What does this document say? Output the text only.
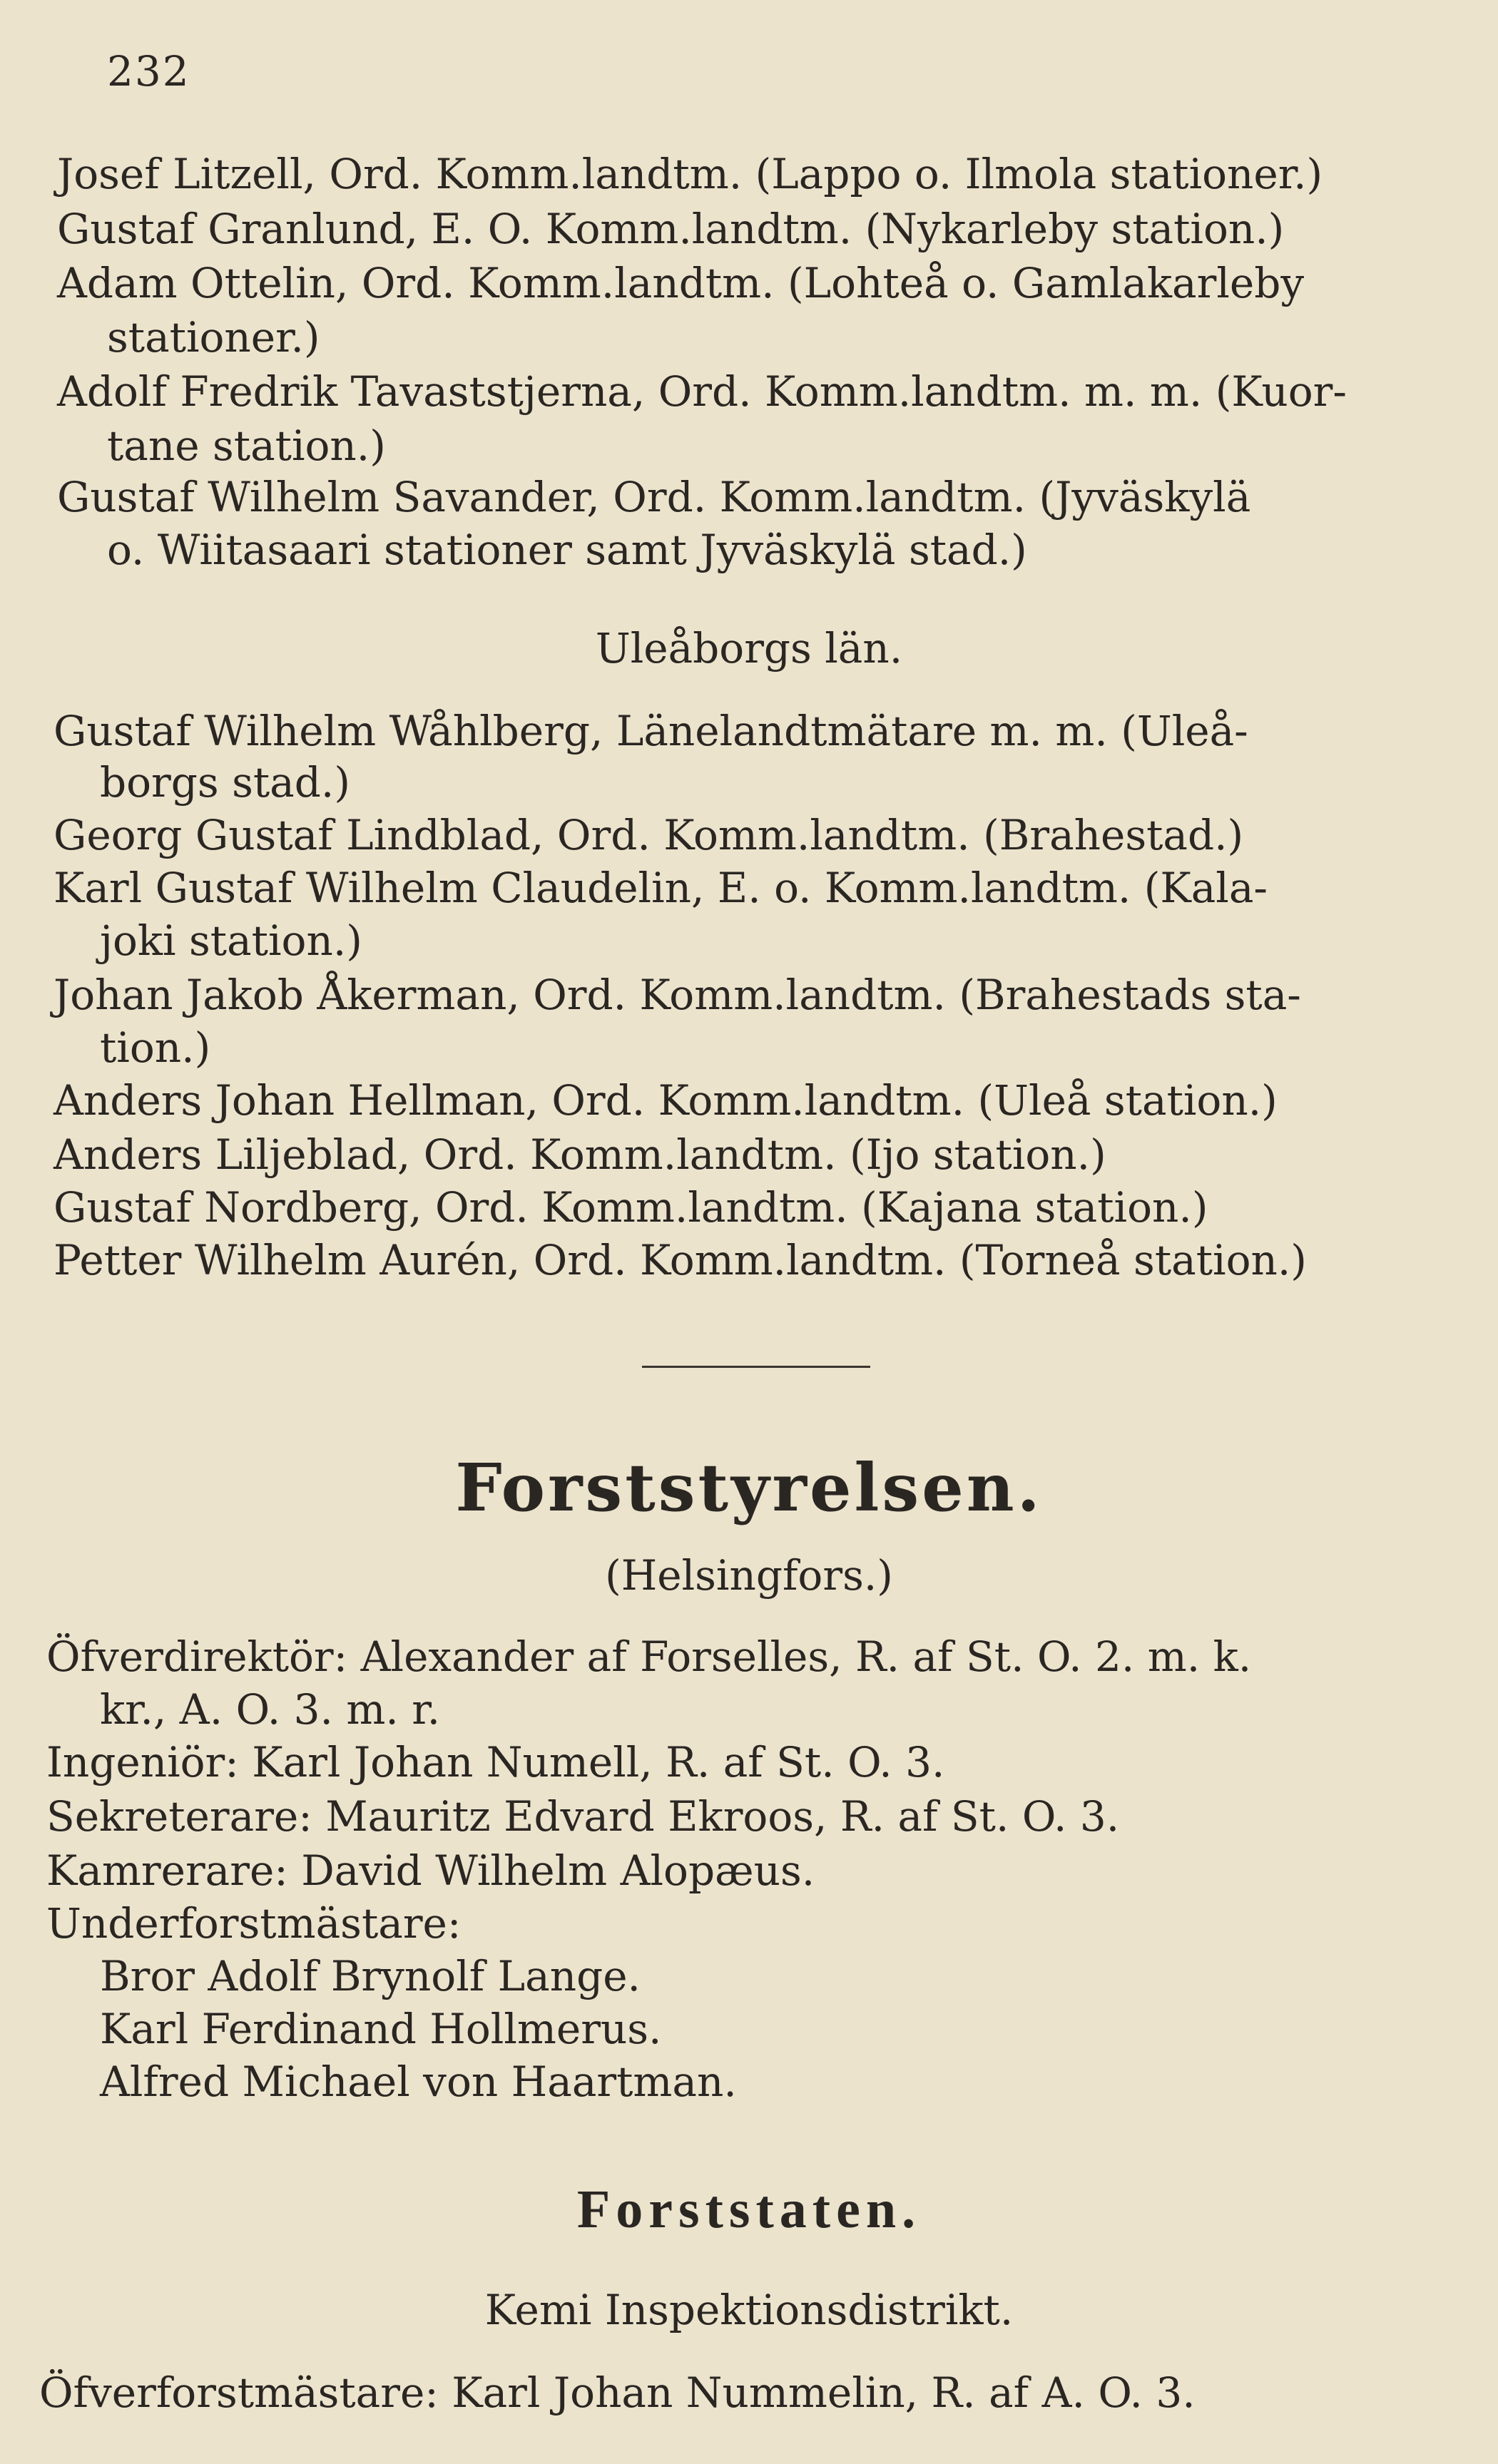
232
Josef Litzell, Ord. Komm.landtm. (Lappo o. Ilmola stationer.)
Gustaf Granlund, E. O. Komm.landtm. (Nykarleby station.)
Adam Ottelin, Ord. Komm.landtm. (Lohteå o. Gamlakarleby
stationer.)
Adolf Fredrik Tavaststjerna, Ord. Komm.landtm. m. m. (Kuor-
tane station.)
Gustaf Wilhelm Savander, Ord. Komm.landtm. (Jyväskylä
o. Wiitasaari stationer samt Jyväskylä stad.)
Uleåborgs län.
Gustaf Wilhelm Wåhlberg, Länelandtmätare m. m. (Uleå-
borgs stad.)
Georg Gustaf Lindblad, Ord. Komm.landtm. (Brahestad.)
Karl Gustaf Wilhelm Claudelin, E. o. Komm.landtm. (Kala-
joki station.)
Johan Jakob Åkerman, Ord. Komm.landtm. (Brahestads sta-
tion.)
Anders Johan Hellman, Ord. Komm.landtm. (Uleå station.)
Anders Liljeblad, Ord. Komm.landtm. (Ijo station.)
Gustaf Nordberg, Ord. Komm.landtm. (Kajana station.)
Petter Wilhelm Aurén, Ord. Komm.landtm. (Torneå station.)
Forststyrelsen.
(Helsingfors.)
Öfverdirektör: Alexander af Forselles, R. af St. O. 2. m. k.
kr., A. O. 3. m. r.
Ingeniör: Karl Johan Numell, R. af St. O. 3.
Sekreterare: Mauritz Edvard Ekroos, R. af St. O. 3.
Kamrerare: David Wilhelm Alopæus.
Underforstmästare:
Bror Adolf Brynolf Lange.
Karl Ferdinand Hollmerus.
Alfred Michael von Haartman.
Forststaten.
Kemi Inspektionsdistrikt.
Öfverforstmästare: Karl Johan Nummelin, R. af A. O. 3.
